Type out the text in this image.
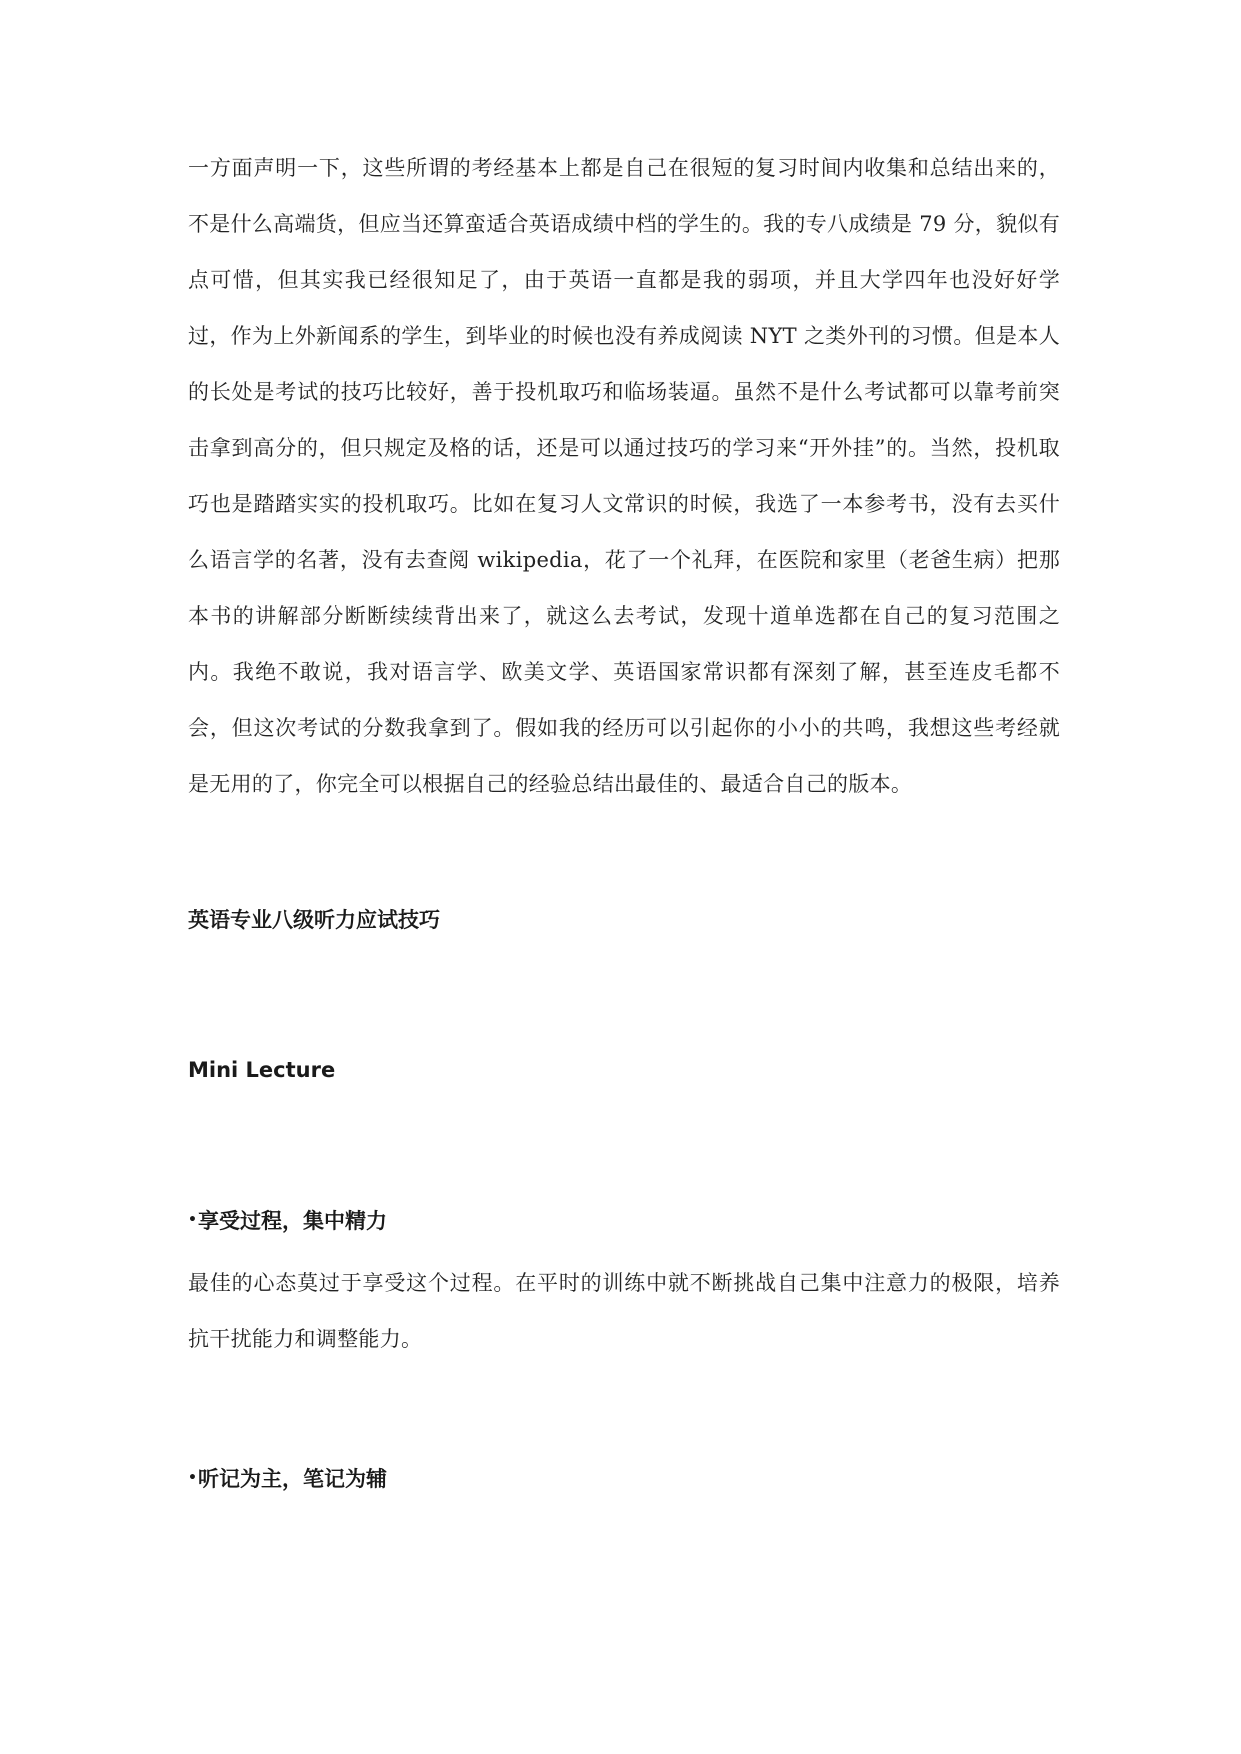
一方面声明一下，这些所谓的考经基本上都是自己在很短的复习时间内收集和总结出来的，不是什么高端货，但应当还算蛮适合英语成绩中档的学生的。我的专八成绩是 79 分，貌似有点可惜，但其实我已经很知足了，由于英语一直都是我的弱项，并且大学四年也没好好学过，作为上外新闻系的学生，到毕业的时候也没有养成阅读 NYT 之类外刊的习惯。但是本人的长处是考试的技巧比较好，善于投机取巧和临场装逼。虽然不是什么考试都可以靠考前突击拿到高分的，但只规定及格的话，还是可以通过技巧的学习来“开外挂”的。当然，投机取巧也是踏踏实实的投机取巧。比如在复习人文常识的时候，我选了一本参考书，没有去买什么语言学的名著，没有去查阅 wikipedia，花了一个礼拜，在医院和家里（老爸生病）把那本书的讲解部分断断续续背出来了，就这么去考试，发现十道单选都在自己的复习范围之内。我绝不敢说，我对语言学、欧美文学、英语国家常识都有深刻了解，甚至连皮毛都不会，但这次考试的分数我拿到了。假如我的经历可以引起你的小小的共鸣，我想这些考经就是无用的了，你完全可以根据自己的经验总结出最佳的、最适合自己的版本。

英语专业八级听力应试技巧
Mini Lecture
•享受过程，集中精力

最佳的心态莫过于享受这个过程。在平时的训练中就不断挑战自己集中注意力的极限，培养抗干扰能力和调整能力。

•听记为主，笔记为辅
